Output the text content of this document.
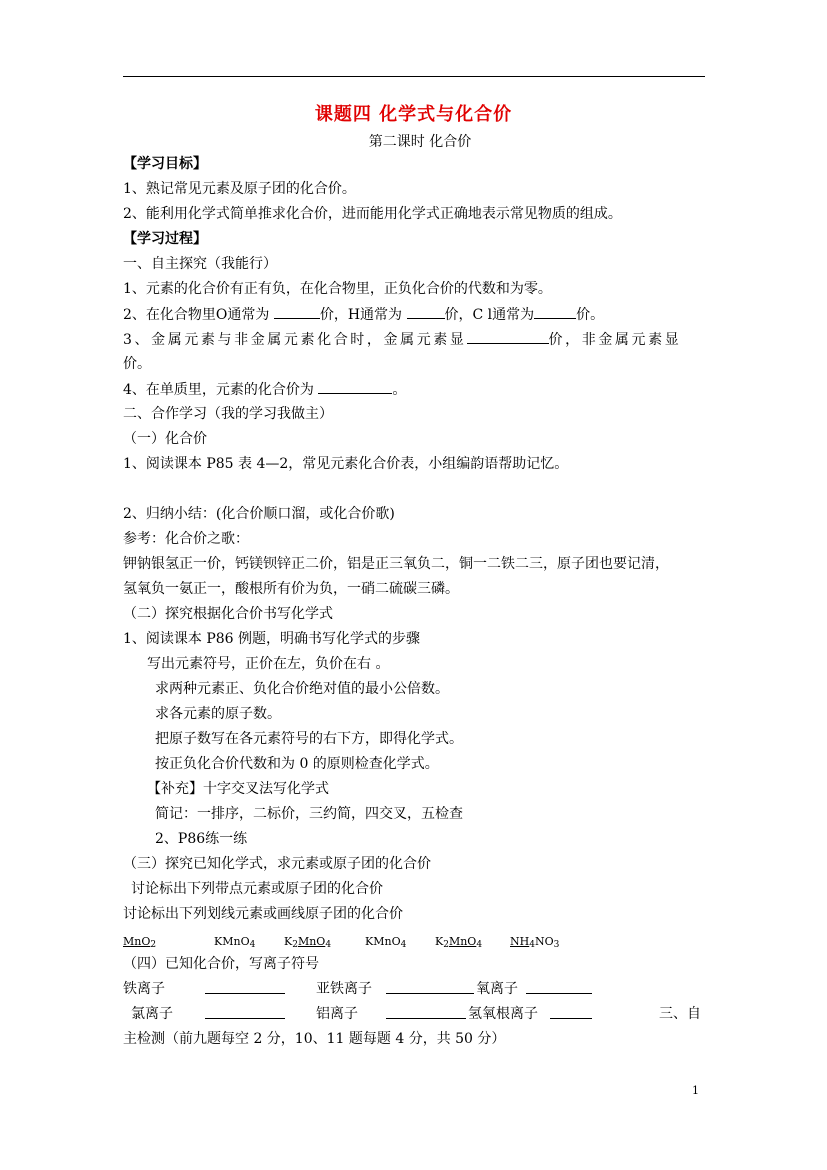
课题四 化学式与化合价
第二课时 化合价
【学习目标】
1、熟记常见元素及原子团的化合价。
2、能利用化学式简单推求化合价，进而能用化学式正确地表示常见物质的组成。
【学习过程】
一、自主探究（我能行）
1、元素的化合价有正有负，在化合物里，正负化合价的代数和为零。
2、在化合物里O通常为	价，H通常为	价，C l通常为	价。
3、金属元素与非金属元素化合时，金属元素显	价，非金属元素显
价。
4、在单质里，元素的化合价为	。
二、合作学习（我的学习我做主）
（一）化合价
1、阅读课本 P85 表 4—2，常见元素化合价表，小组编韵语帮助记忆。
2、归纳小结：(化合价顺口溜，或化合价歌)
参考：化合价之歌：
钾钠银氢正一价，钙镁钡锌正二价，铝是正三氧负二，铜一二铁二三，原子团也要记清，
氢氧负一氨正一，酸根所有价为负，一硝二硫碳三磷。
（二）探究根据化合价书写化学式
1、阅读课本 P86 例题，明确书写化学式的步骤
写出元素符号，正价在左，负价在右 。
求两种元素正、负化合价绝对值的最小公倍数。
求各元素的原子数。
把原子数写在各元素符号的右下方，即得化学式。
按正负化合价代数和为 0 的原则检查化学式。
【补充】十字交叉法写化学式
简记：一排序，二标价，三约简，四交叉，五检查
2、P86练一练
（三）探究已知化学式，求元素或原子团的化合价
讨论标出下列带点元素或原子团的化合价
讨论标出下列划线元素或画线原子团的化合价
MnO$_2$	KMnO$_4$	$K_2MnO_4$	KMnO$_4$	$K_2MnO_4$	$NH_4NO_3$
（四）已知化合价，写离子符号
铁离子	亚铁离子	氧离子
氯离子	铝离子	氢氧根离子	三、自
主检测（前九题每空 2 分，10、11 题每题 4 分，共 50 分）
1
